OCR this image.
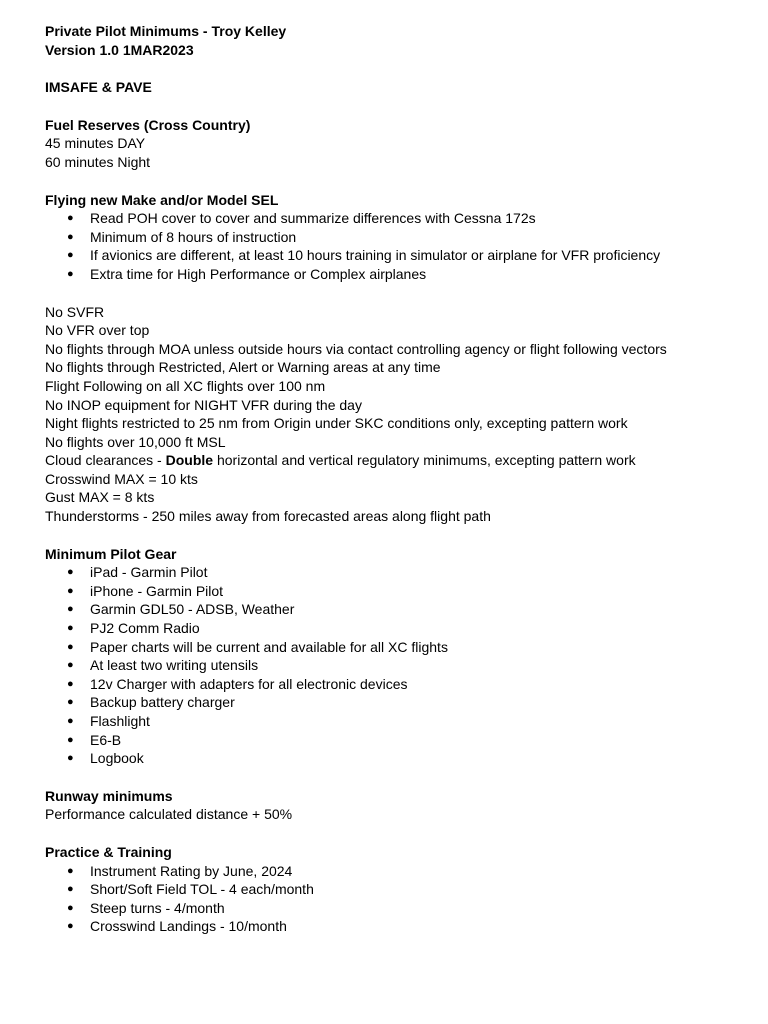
Private Pilot Minimums - Troy Kelley
Version 1.0 1MAR2023
IMSAFE & PAVE
Fuel Reserves (Cross Country)
45 minutes DAY
60 minutes Night
Flying new Make and/or Model SEL
● Read POH cover to cover and summarize differences with Cessna 172s
● Minimum of 8 hours of instruction
● If avionics are different, at least 10 hours training in simulator or airplane for VFR proficiency
● Extra time for High Performance or Complex airplanes
No SVFR
No VFR over top
No flights through MOA unless outside hours via contact controlling agency or flight following vectors
No flights through Restricted, Alert or Warning areas at any time
Flight Following on all XC flights over 100 nm
No INOP equipment for NIGHT VFR during the day
Night flights restricted to 25 nm from Origin under SKC conditions only, excepting pattern work
No flights over 10,000 ft MSL
Cloud clearances - Double horizontal and vertical regulatory minimums, excepting pattern work
Crosswind MAX = 10 kts
Gust MAX = 8 kts
Thunderstorms - 250 miles away from forecasted areas along flight path
Minimum Pilot Gear
● iPad - Garmin Pilot
● iPhone - Garmin Pilot
● Garmin GDL50 - ADSB, Weather
● PJ2 Comm Radio
● Paper charts will be current and available for all XC flights
● At least two writing utensils
● 12v Charger with adapters for all electronic devices
● Backup battery charger
● Flashlight
● E6-B
● Logbook
Runway minimums
Performance calculated distance + 50%
Practice & Training
● Instrument Rating by June, 2024
● Short/Soft Field TOL - 4 each/month
● Steep turns - 4/month
● Crosswind Landings - 10/month
